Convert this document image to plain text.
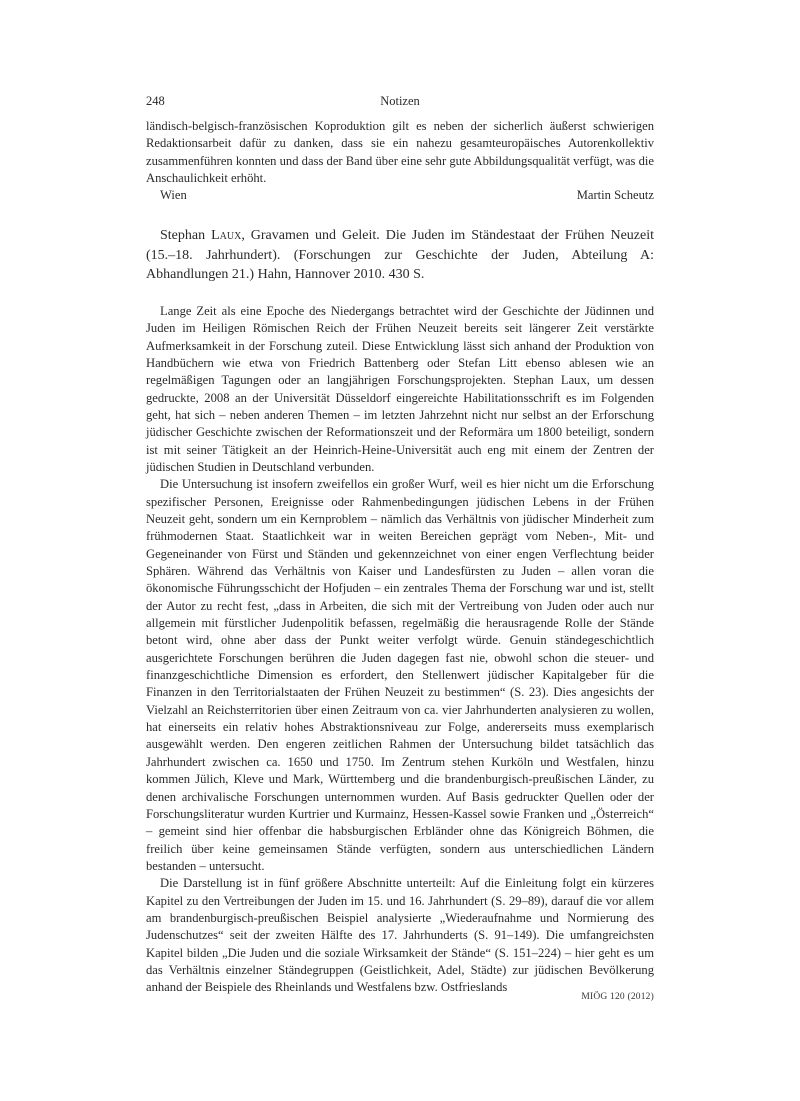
248	Notizen

ländisch-belgisch-französischen Koproduktion gilt es neben der sicherlich äußerst schwierigen Redaktionsarbeit dafür zu danken, dass sie ein nahezu gesamteuropäisches Autorenkollektiv zusammenführen konnten und dass der Band über eine sehr gute Abbildungsqualität verfügt, was die Anschaulichkeit erhöht.

Wien	Martin Scheutz
Stephan Laux, Gravamen und Geleit. Die Juden im Ständestaat der Frühen Neuzeit (15.–18. Jahrhundert). (Forschungen zur Geschichte der Juden, Abteilung A: Abhandlungen 21.) Hahn, Hannover 2010. 430 S.

Lange Zeit als eine Epoche des Niedergangs betrachtet wird der Geschichte der Jüdinnen und Juden im Heiligen Römischen Reich der Frühen Neuzeit bereits seit längerer Zeit verstärkte Aufmerksamkeit in der Forschung zuteil. Diese Entwicklung lässt sich anhand der Produktion von Handbüchern wie etwa von Friedrich Battenberg oder Stefan Litt ebenso ablesen wie an regelmäßigen Tagungen oder an langjährigen Forschungsprojekten. Stephan Laux, um dessen gedruckte, 2008 an der Universität Düsseldorf eingereichte Habilitationsschrift es im Folgenden geht, hat sich – neben anderen Themen – im letzten Jahrzehnt nicht nur selbst an der Erforschung jüdischer Geschichte zwischen der Reformationszeit und der Reformära um 1800 beteiligt, sondern ist mit seiner Tätigkeit an der Heinrich-Heine-Universität auch eng mit einem der Zentren der jüdischen Studien in Deutschland verbunden.

Die Untersuchung ist insofern zweifellos ein großer Wurf, weil es hier nicht um die Erforschung spezifischer Personen, Ereignisse oder Rahmenbedingungen jüdischen Lebens in der Frühen Neuzeit geht, sondern um ein Kernproblem – nämlich das Verhältnis von jüdischer Minderheit zum frühmodernen Staat. Staatlichkeit war in weiten Bereichen geprägt vom Neben-, Mit- und Gegeneinander von Fürst und Ständen und gekennzeichnet von einer engen Verflechtung beider Sphären. Während das Verhältnis von Kaiser und Landesfürsten zu Juden – allen voran die ökonomische Führungsschicht der Hofjuden – ein zentrales Thema der Forschung war und ist, stellt der Autor zu recht fest, „dass in Arbeiten, die sich mit der Vertreibung von Juden oder auch nur allgemein mit fürstlicher Judenpolitik befassen, regelmäßig die herausragende Rolle der Stände betont wird, ohne aber dass der Punkt weiter verfolgt würde. Genuin ständegeschichtlich ausgerichtete Forschungen berühren die Juden dagegen fast nie, obwohl schon die steuer- und finanzgeschichtliche Dimension es erfordert, den Stellenwert jüdischer Kapitalgeber für die Finanzen in den Territorialstaaten der Frühen Neuzeit zu bestimmen“ (S. 23). Dies angesichts der Vielzahl an Reichsterritorien über einen Zeitraum von ca. vier Jahrhunderten analysieren zu wollen, hat einerseits ein relativ hohes Abstraktionsniveau zur Folge, andererseits muss exemplarisch ausgewählt werden. Den engeren zeitlichen Rahmen der Untersuchung bildet tatsächlich das Jahrhundert zwischen ca. 1650 und 1750. Im Zentrum stehen Kurköln und Westfalen, hinzu kommen Jülich, Kleve und Mark, Württemberg und die brandenburgisch-preußischen Länder, zu denen archivalische Forschungen unternommen wurden. Auf Basis gedruckter Quellen oder der Forschungsliteratur wurden Kurtrier und Kurmainz, Hessen-Kassel sowie Franken und „Österreich“ – gemeint sind hier offenbar die habsburgischen Erbländer ohne das Königreich Böhmen, die freilich über keine gemeinsamen Stände verfügten, sondern aus unterschiedlichen Ländern bestanden – untersucht.

Die Darstellung ist in fünf größere Abschnitte unterteilt: Auf die Einleitung folgt ein kürzeres Kapitel zu den Vertreibungen der Juden im 15. und 16. Jahrhundert (S. 29–89), darauf die vor allem am brandenburgisch-preußischen Beispiel analysierte „Wiederaufnahme und Normierung des Judenschutzes“ seit der zweiten Hälfte des 17. Jahrhunderts (S. 91–149). Die umfangreichsten Kapitel bilden „Die Juden und die soziale Wirksamkeit der Stände“ (S. 151–224) – hier geht es um das Verhältnis einzelner Ständegruppen (Geistlichkeit, Adel, Städte) zur jüdischen Bevölkerung anhand der Beispiele des Rheinlands und Westfalens bzw. Ostfrieslands

MIÖG 120 (2012)
